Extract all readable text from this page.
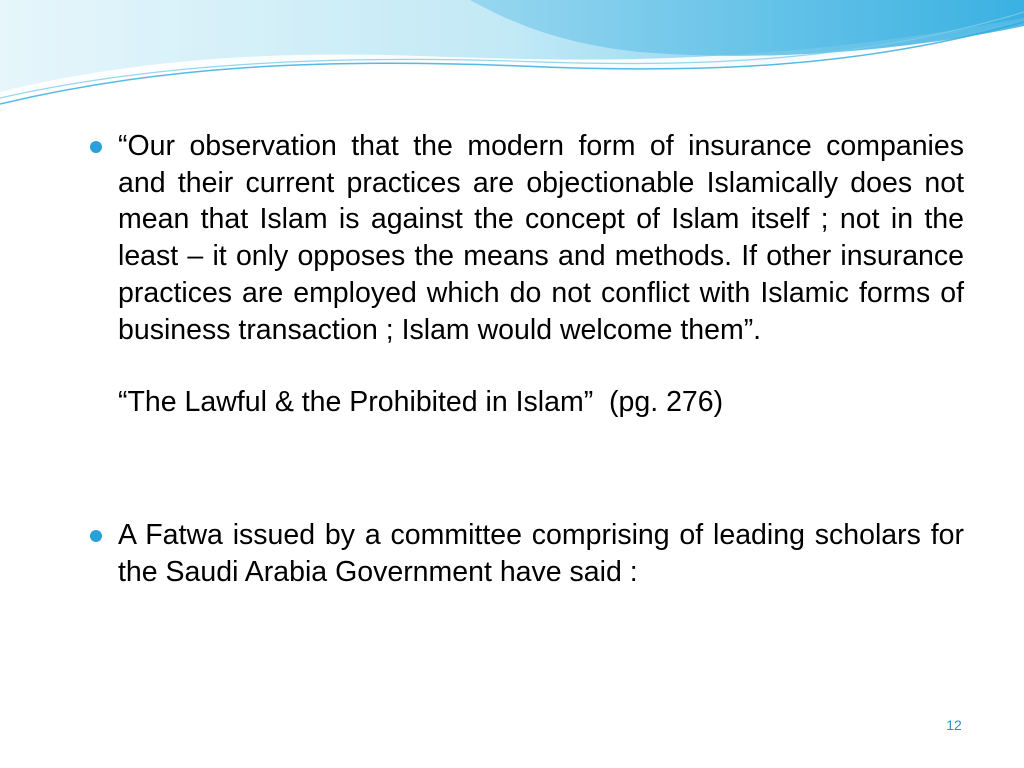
“Our observation that the modern form of insurance companies and their current practices are objectionable Islamically does not mean that Islam is against the concept of Islam itself ; not in the least – it only opposes the means and methods. If other insurance practices are employed which do not conflict with Islamic forms of business transaction ; Islam would welcome them”.

“The Lawful & the Prohibited in Islam”  (pg. 276)

A Fatwa issued by a committee comprising of leading scholars for the Saudi Arabia Government have said :

12
